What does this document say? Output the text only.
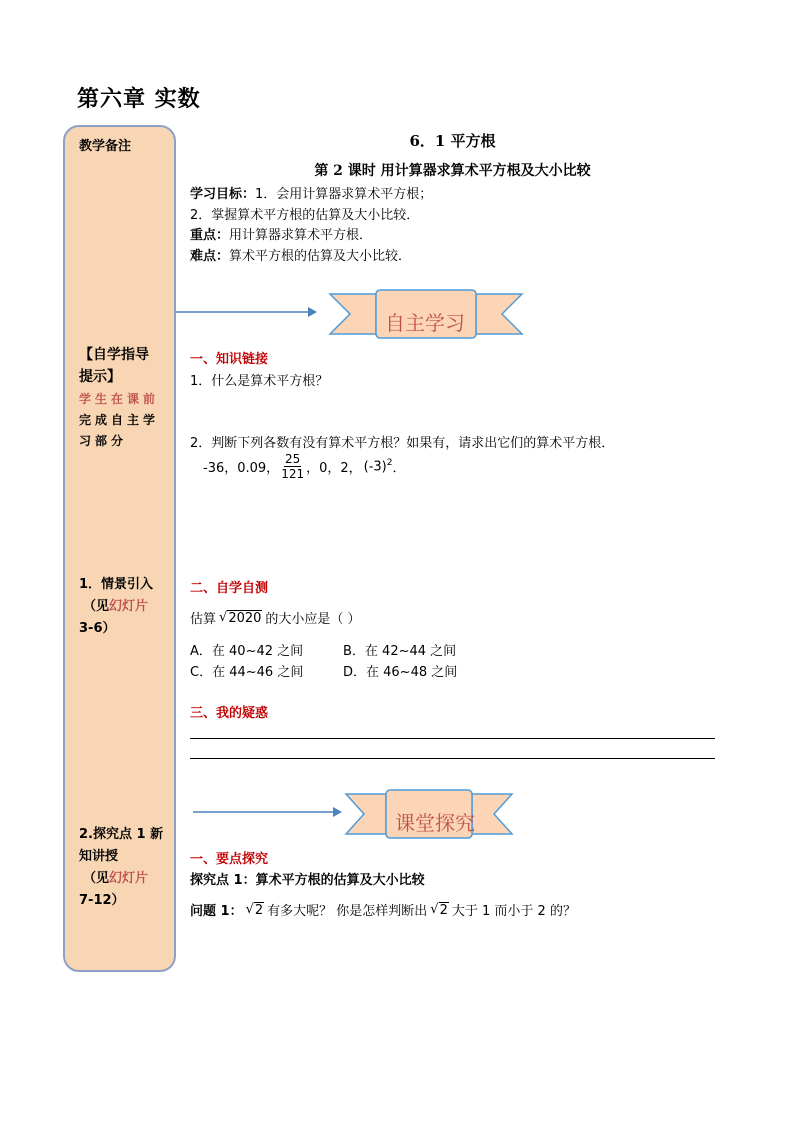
第六章 实数
教学备注
【自学指导
提示】
学生在课前
完成自主学
习部分
1．情景引入
（见幻灯片
3-6）
2.探究点 1 新
知讲授
（见幻灯片
7-12）
6．1 平方根
第 2 课时 用计算器求算术平方根及大小比较
学习目标：1．会用计算器求算术平方根；
2．掌握算术平方根的估算及大小比较．
重点：用计算器求算术平方根．
难点：算术平方根的估算及大小比较．
自主学习
一、知识链接
1．什么是算术平方根？
2．判断下列各数有没有算术平方根？如果有，请求出它们的算术平方根．
-36，0.09， $\frac{25}{121}$ ，0，2， $(-3)^2$ ．
二、自学自测
估算 √ 2020 的大小应是（ ）
A．在 40~42 之间	B．在 42~44 之间
C．在 44~46 之间	D．在 46~48 之间
三、我的疑惑
课堂探究
一、要点探究
探究点 1：算术平方根的估算及大小比较
问题 1： √ 2 有多大呢？ 你是怎样判断出 √ 2 大于 1 而小于 2 的？
